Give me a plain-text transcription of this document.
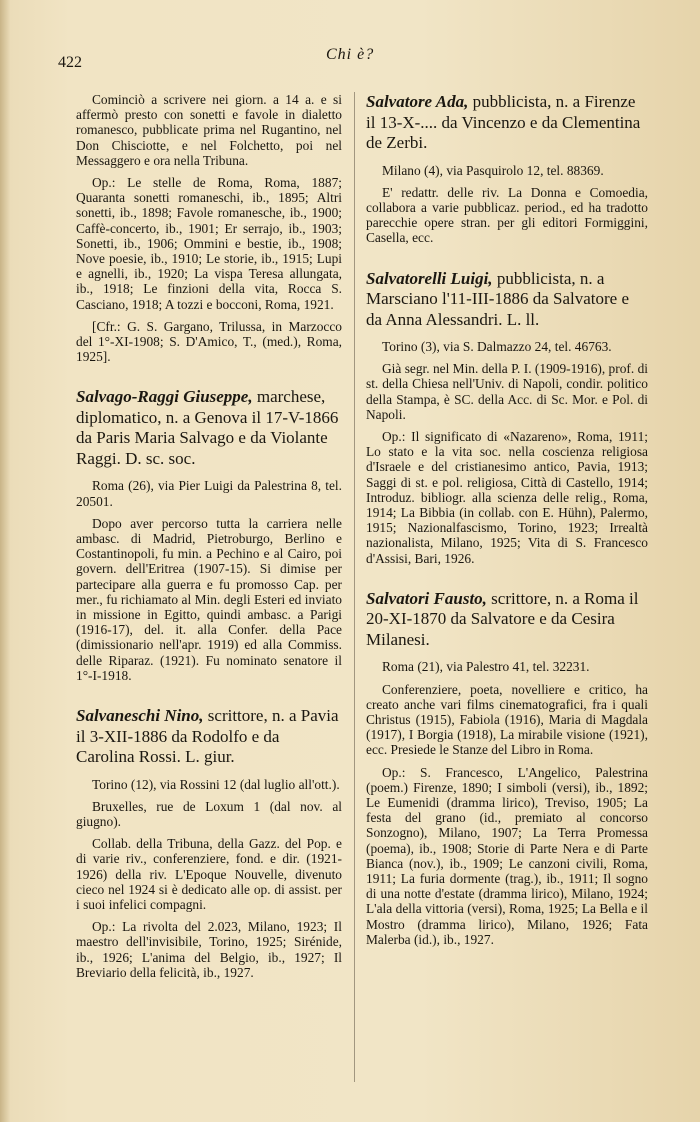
422	Chi è?

Cominciò a scrivere nei giorn. a 14 a. e si affermò presto con sonetti e favole in dialetto romanesco, pubblicate prima nel Rugantino, nel Don Chisciotte, e nel Folchetto, poi nel Messaggero e ora nella Tribuna.

Op.: Le stelle de Roma, Roma, 1887; Quaranta sonetti romaneschi, ib., 1895; Altri sonetti, ib., 1898; Favole romanesche, ib., 1900; Caffè-concerto, ib., 1901; Er serrajo, ib., 1903; Sonetti, ib., 1906; Ommini e bestie, ib., 1908; Nove poesie, ib., 1910; Le storie, ib., 1915; Lupi e agnelli, ib., 1920; La vispa Teresa allungata, ib., 1918; Le finzioni della vita, Rocca S. Casciano, 1918; A tozzi e bocconi, Roma, 1921.

[Cfr.: G. S. Gargano, Trilussa, in Marzocco del 1°-XI-1908; S. D'Amico, T., (med.), Roma, 1925].

Salvago-Raggi Giuseppe, marchese, diplomatico, n. a Genova il 17-V-1866 da Paris Maria Salvago e da Violante Raggi. D. sc. soc.

Roma (26), via Pier Luigi da Palestrina 8, tel. 20501.

Dopo aver percorso tutta la carriera nelle ambasc. di Madrid, Pietroburgo, Berlino e Costantinopoli, fu min. a Pechino e al Cairo, poi govern. dell'Eritrea (1907-15). Si dimise per partecipare alla guerra e fu promosso Cap. per mer., fu richiamato al Min. degli Esteri ed inviato in missione in Egitto, quindi ambasc. a Parigi (1916-17), del. it. alla Confer. della Pace (dimissionario nell'apr. 1919) ed alla Commiss. delle Riparaz. (1921). Fu nominato senatore il 1°-I-1918.

Salvaneschi Nino, scrittore, n. a Pavia il 3-XII-1886 da Rodolfo e da Carolina Rossi. L. giur.

Torino (12), via Rossini 12 (dal luglio all'ott.).

Bruxelles, rue de Loxum 1 (dal nov. al giugno).

Collab. della Tribuna, della Gazz. del Pop. e di varie riv., conferenziere, fond. e dir. (1921-1926) della riv. L'Epoque Nouvelle, divenuto cieco nel 1924 si è dedicato alle op. di assist. per i suoi infelici compagni.

Op.: La rivolta del 2.023, Milano, 1923; Il maestro dell'invisibile, Torino, 1925; Sirénide, ib., 1926; L'anima del Belgio, ib., 1927; Il Breviario della felicità, ib., 1927.

Salvatore Ada, pubblicista, n. a Firenze il 13-X-.... da Vincenzo e da Clementina de Zerbi.

Milano (4), via Pasquirolo 12, tel. 88369.

E' redattr. delle riv. La Donna e Comoedia, collabora a varie pubblicaz. period., ed ha tradotto parecchie opere stran. per gli editori Formiggini, Casella, ecc.

Salvatorelli Luigi, pubblicista, n. a Marsciano l'11-III-1886 da Salvatore e da Anna Alessandri. L. ll.

Torino (3), via S. Dalmazzo 24, tel. 46763.

Già segr. nel Min. della P. I. (1909-1916), prof. di st. della Chiesa nell'Univ. di Napoli, condir. politico della Stampa, è SC. della Acc. di Sc. Mor. e Pol. di Napoli.

Op.: Il significato di «Nazareno», Roma, 1911; Lo stato e la vita soc. nella coscienza religiosa d'Israele e del cristianesimo antico, Pavia, 1913; Saggi di st. e pol. religiosa, Città di Castello, 1914; Introduz. bibliogr. alla scienza delle relig., Roma, 1914; La Bibbia (in collab. con E. Hühn), Palermo, 1915; Nazionalfascismo, Torino, 1923; Irrealtà nazionalista, Milano, 1925; Vita di S. Francesco d'Assisi, Bari, 1926.

Salvatori Fausto, scrittore, n. a Roma il 20-XI-1870 da Salvatore e da Cesira Milanesi.

Roma (21), via Palestro 41, tel. 32231.

Conferenziere, poeta, novelliere e critico, ha creato anche vari films cinematografici, fra i quali Christus (1915), Fabiola (1916), Maria di Magdala (1917), I Borgia (1918), La mirabile visione (1921), ecc. Presiede le Stanze del Libro in Roma.

Op.: S. Francesco, L'Angelico, Palestrina (poem.) Firenze, 1890; I simboli (versi), ib., 1892; Le Eumenidi (dramma lirico), Treviso, 1905; La festa del grano (id., premiato al concorso Sonzogno), Milano, 1907; La Terra Promessa (poema), ib., 1908; Storie di Parte Nera e di Parte Bianca (nov.), ib., 1909; Le canzoni civili, Roma, 1911; La furia dormente (trag.), ib., 1911; Il sogno di una notte d'estate (dramma lirico), Milano, 1924; L'ala della vittoria (versi), Roma, 1925; La Bella e il Mostro (dramma lirico), Milano, 1926; Fata Malerba (id.), ib., 1927.
